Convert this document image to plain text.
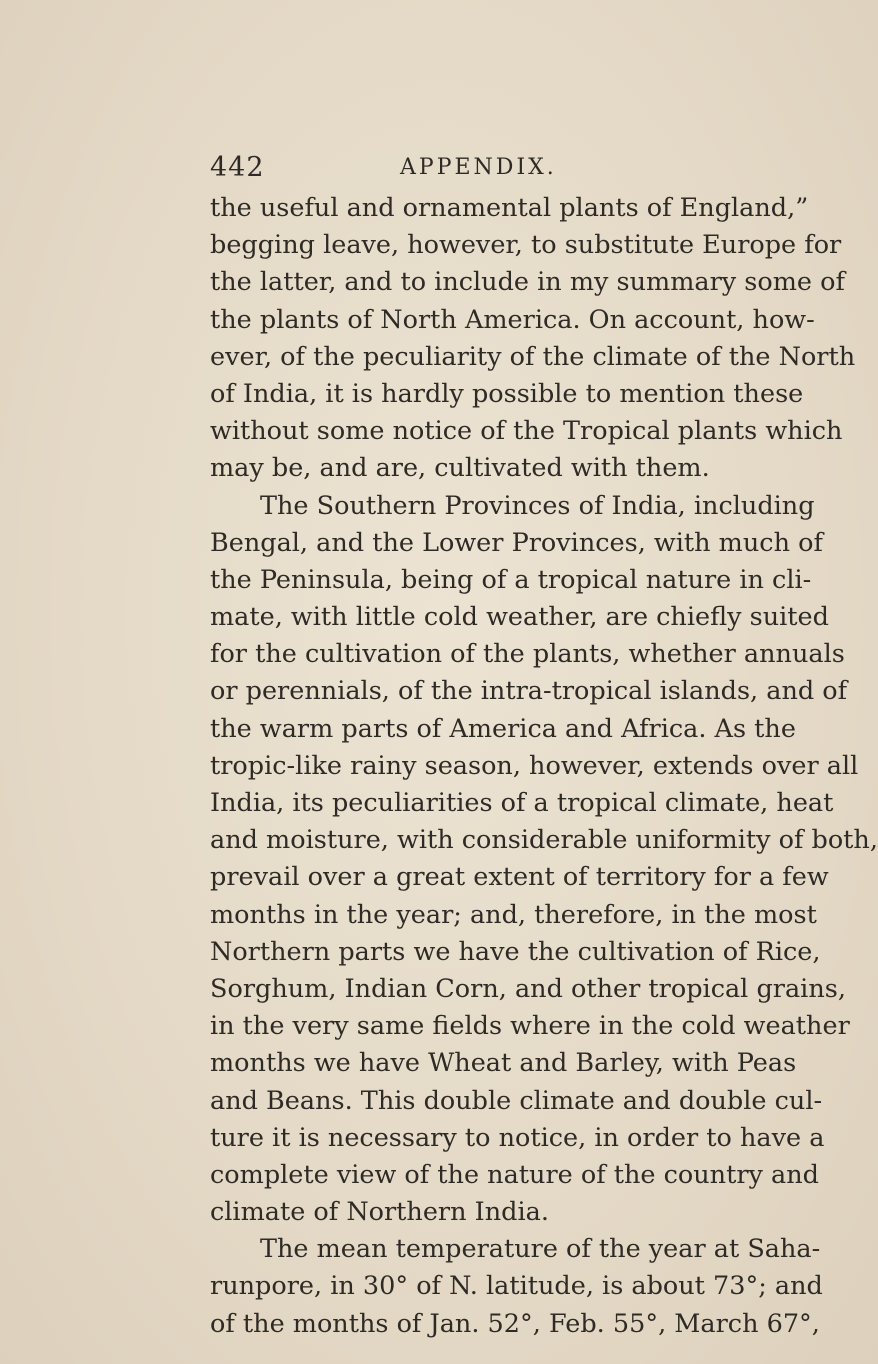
442	APPENDIX.
the useful and ornamental plants of England,”
begging leave, however, to substitute Europe for
the latter, and to include in my summary some of
the plants of North America. On account, how-
ever, of the peculiarity of the climate of the North
of India, it is hardly possible to mention these
without some notice of the Tropical plants which
may be, and are, cultivated with them.
The Southern Provinces of India, including
Bengal, and the Lower Provinces, with much of
the Peninsula, being of a tropical nature in cli-
mate, with little cold weather, are chiefly suited
for the cultivation of the plants, whether annuals
or perennials, of the intra-tropical islands, and of
the warm parts of America and Africa. As the
tropic-like rainy season, however, extends over all
India, its peculiarities of a tropical climate, heat
and moisture, with considerable uniformity of both,
prevail over a great extent of territory for a few
months in the year; and, therefore, in the most
Northern parts we have the cultivation of Rice,
Sorghum, Indian Corn, and other tropical grains,
in the very same fields where in the cold weather
months we have Wheat and Barley, with Peas
and Beans. This double climate and double cul-
ture it is necessary to notice, in order to have a
complete view of the nature of the country and
climate of Northern India.
The mean temperature of the year at Saha-
runpore, in 30° of N. latitude, is about 73°; and
of the months of Jan. 52°, Feb. 55°, March 67°,
